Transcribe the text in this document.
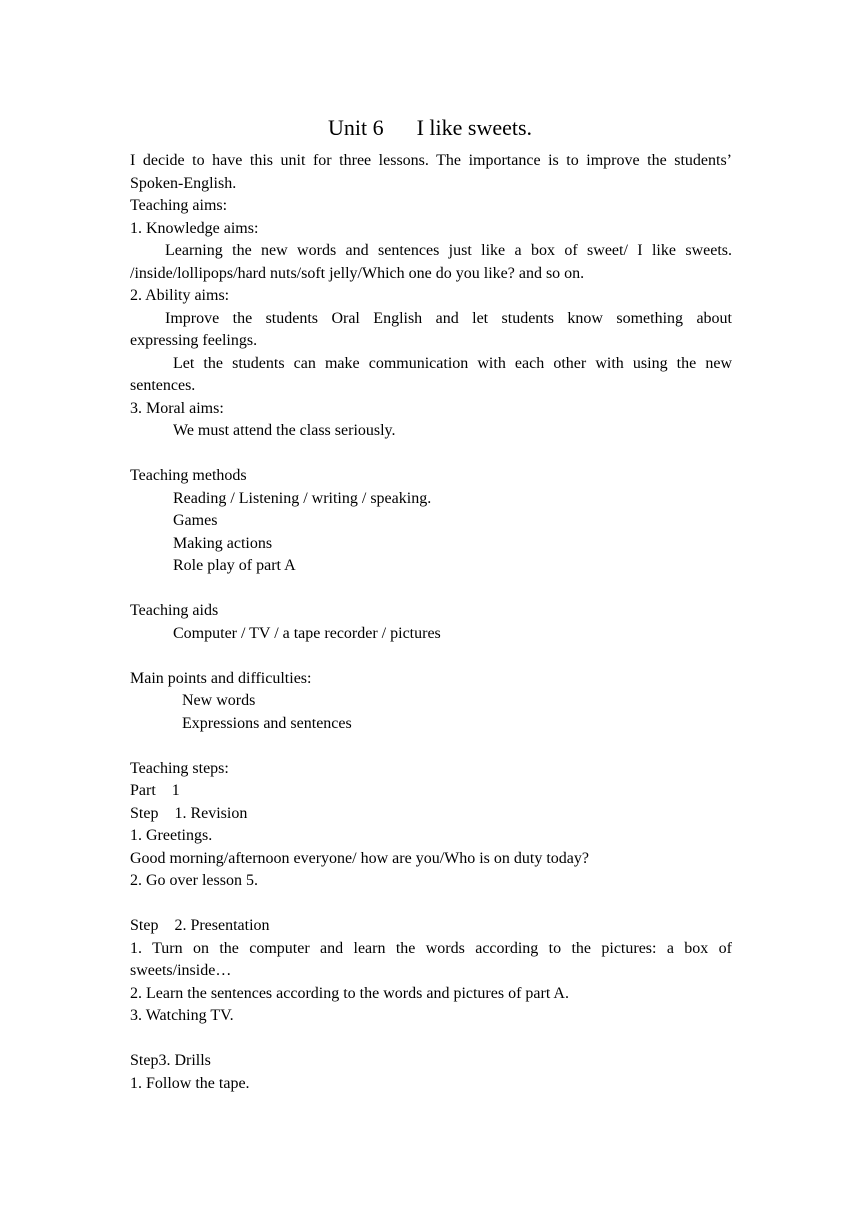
Unit 6      I like sweets.
I decide to have this unit for three lessons. The importance is to improve the students’
Spoken-English.
Teaching aims:
1. Knowledge aims:
Learning the new words and sentences just like a box of sweet/ I like sweets.
/inside/lollipops/hard nuts/soft jelly/Which one do you like? and so on.
2. Ability aims:
Improve the students Oral English and let students know something about
expressing feelings.
Let the students can make communication with each other with using the new
sentences.
3. Moral aims:
We must attend the class seriously.
Teaching methods
Reading / Listening / writing / speaking.
Games
Making actions
Role play of part A
Teaching aids
Computer / TV / a tape recorder / pictures
Main points and difficulties:
New words
Expressions and sentences
Teaching steps:
Part    1
Step    1. Revision
1. Greetings.
Good morning/afternoon everyone/ how are you/Who is on duty today?
2. Go over lesson 5.
Step    2. Presentation
1. Turn on the computer and learn the words according to the pictures: a box of
sweets/inside…
2. Learn the sentences according to the words and pictures of part A.
3. Watching TV.
Step3. Drills
1. Follow the tape.
